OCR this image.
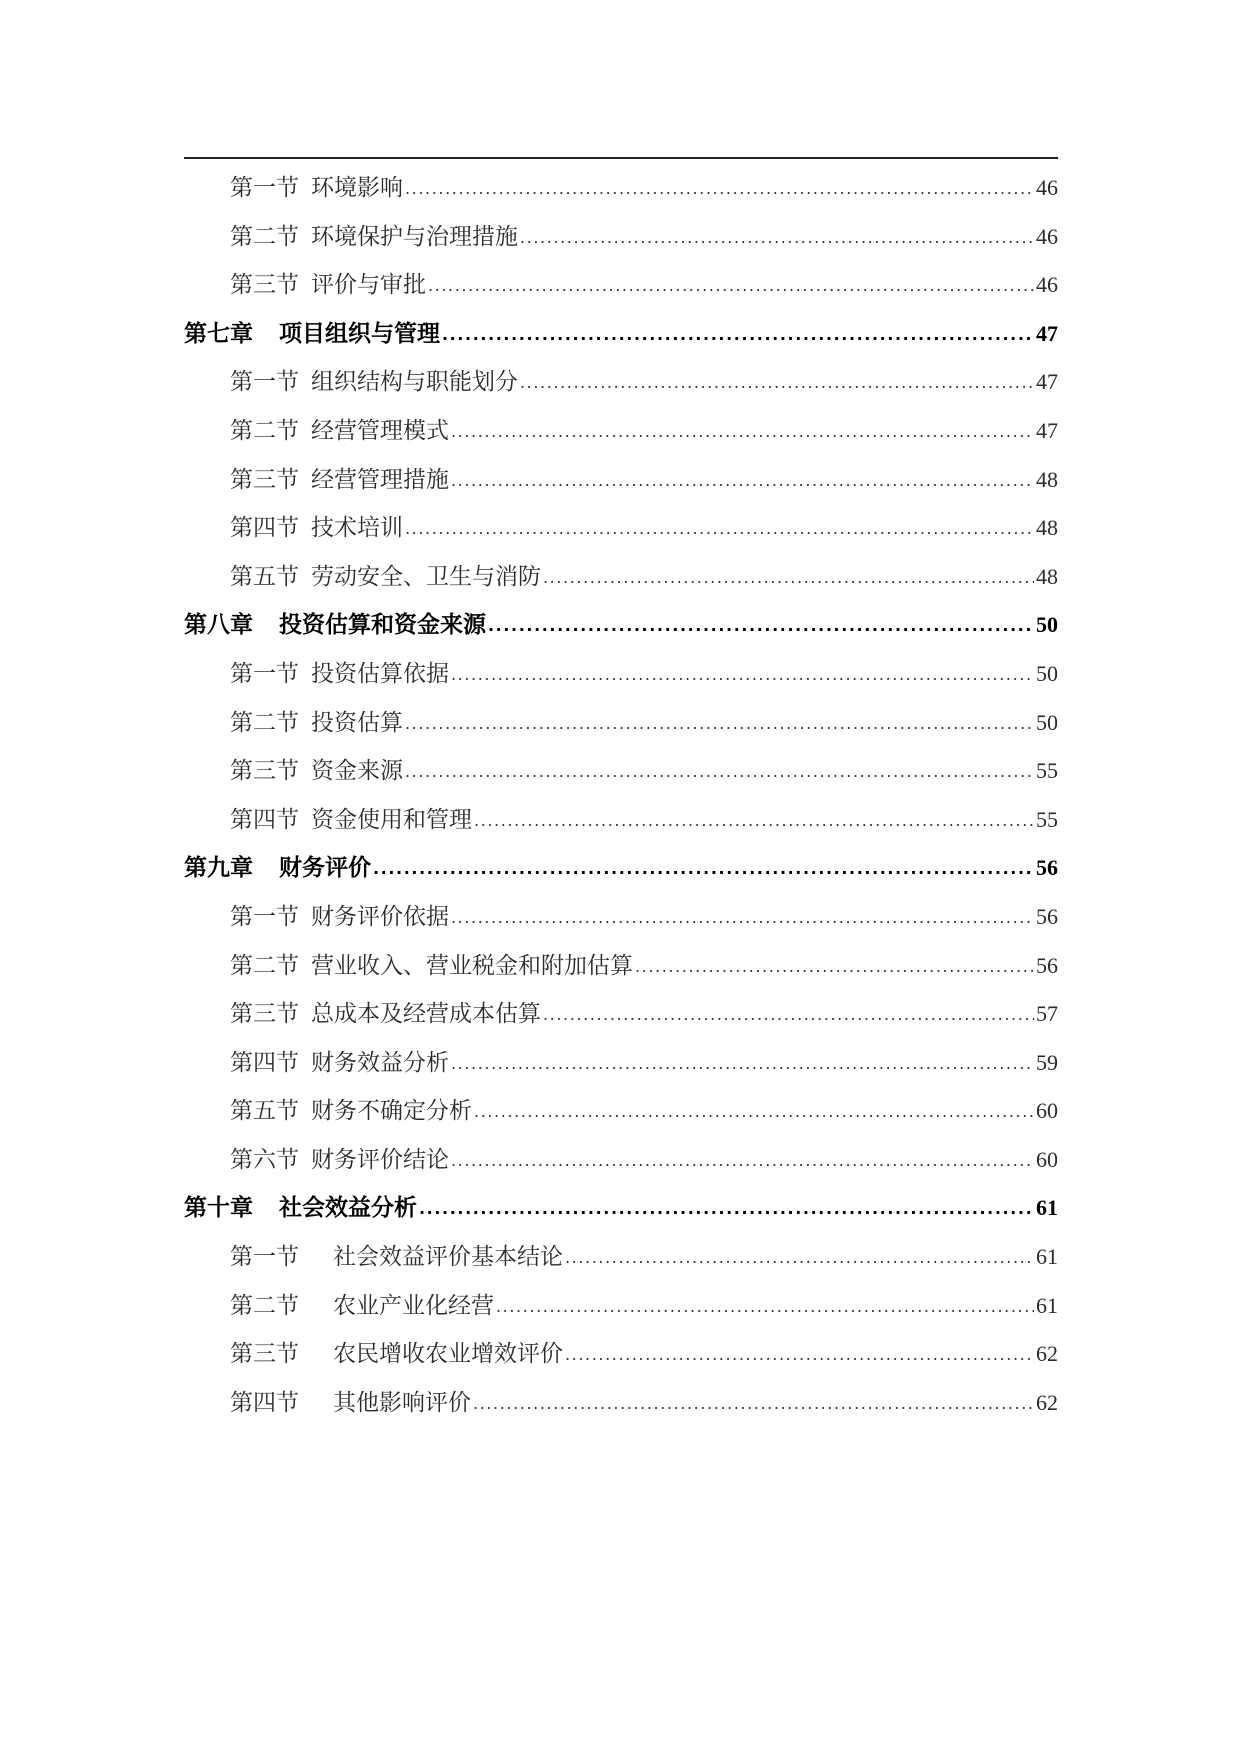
第一节 环境影响 .....	46
第二节 环境保护与治理措施 .....	46
第三节 评价与审批 .....	46
第七章 项目组织与管理 .....	47
第一节 组织结构与职能划分 .....	47
第二节 经营管理模式 .....	47
第三节 经营管理措施 .....	48
第四节 技术培训 .....	48
第五节 劳动安全、卫生与消防 .....	48
第八章 投资估算和资金来源 .....	50
第一节 投资估算依据 .....	50
第二节 投资估算 .....	50
第三节 资金来源 .....	55
第四节 资金使用和管理 .....	55
第九章 财务评价 .....	56
第一节 财务评价依据 .....	56
第二节 营业收入、营业税金和附加估算 .....	56
第三节 总成本及经营成本估算 .....	57
第四节 财务效益分析 .....	59
第五节 财务不确定分析 .....	60
第六节 财务评价结论 .....	60
第十章 社会效益分析 .....	61
第一节 社会效益评价基本结论 .....	61
第二节 农业产业化经营 .....	61
第三节 农民增收农业增效评价 .....	62
第四节 其他影响评价 .....	62
